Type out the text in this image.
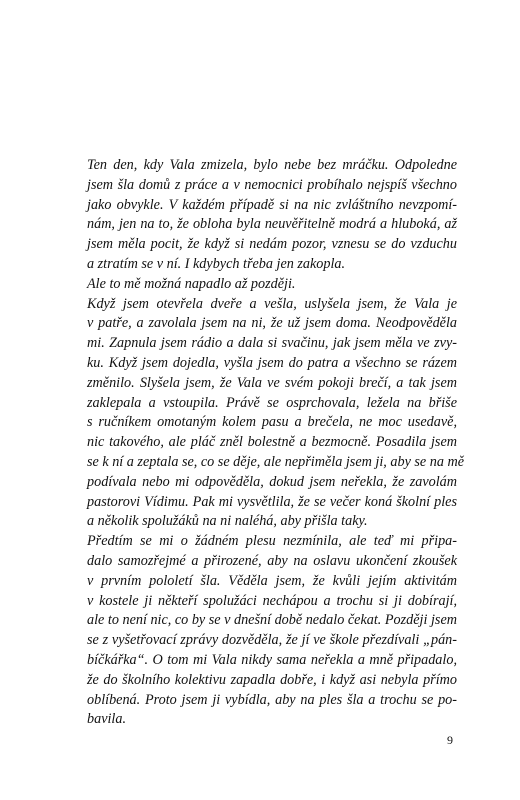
Ten den, kdy Vala zmizela, bylo nebe bez mráčku. Odpoledne
jsem šla domů z práce a v nemocnici probíhalo nejspíš všechno
jako obvykle. V každém případě si na nic zvláštního nevzpomí-
nám, jen na to, že obloha byla neuvěřitelně modrá a hluboká, až
jsem měla pocit, že když si nedám pozor, vznesu se do vzduchu
a ztratím se v ní. I kdybych třeba jen zakopla.
Ale to mě možná napadlo až později.
Když jsem otevřela dveře a vešla, uslyšela jsem, že Vala je
v patře, a zavolala jsem na ni, že už jsem doma. Neodpověděla
mi. Zapnula jsem rádio a dala si svačinu, jak jsem měla ve zvy-
ku. Když jsem dojedla, vyšla jsem do patra a všechno se rázem
změnilo. Slyšela jsem, že Vala ve svém pokoji brečí, a tak jsem
zaklepala a vstoupila. Právě se osprchovala, ležela na břiše
s ručníkem omotaným kolem pasu a brečela, ne moc usedavě,
nic takového, ale pláč zněl bolestně a bezmocně. Posadila jsem
se k ní a zeptala se, co se děje, ale nepřiměla jsem ji, aby se na mě
podívala nebo mi odpověděla, dokud jsem neřekla, že zavolám
pastorovi Vídimu. Pak mi vysvětlila, že se večer koná školní ples
a několik spolužáků na ni naléhá, aby přišla taky.
Předtím se mi o žádném plesu nezmínila, ale teď mi připa-
dalo samozřejmé a přirozené, aby na oslavu ukončení zkoušek
v prvním pololetí šla. Věděla jsem, že kvůli jejím aktivitám
v kostele ji někteří spolužáci nechápou a trochu si ji dobírají,
ale to není nic, co by se v dnešní době nedalo čekat. Později jsem
se z vyšetřovací zprávy dozvěděla, že jí ve škole přezdívali „pán-
bíčkářka“. O tom mi Vala nikdy sama neřekla a mně připadalo,
že do školního kolektivu zapadla dobře, i když asi nebyla přímo
oblíbená. Proto jsem ji vybídla, aby na ples šla a trochu se po-
bavila.
9
